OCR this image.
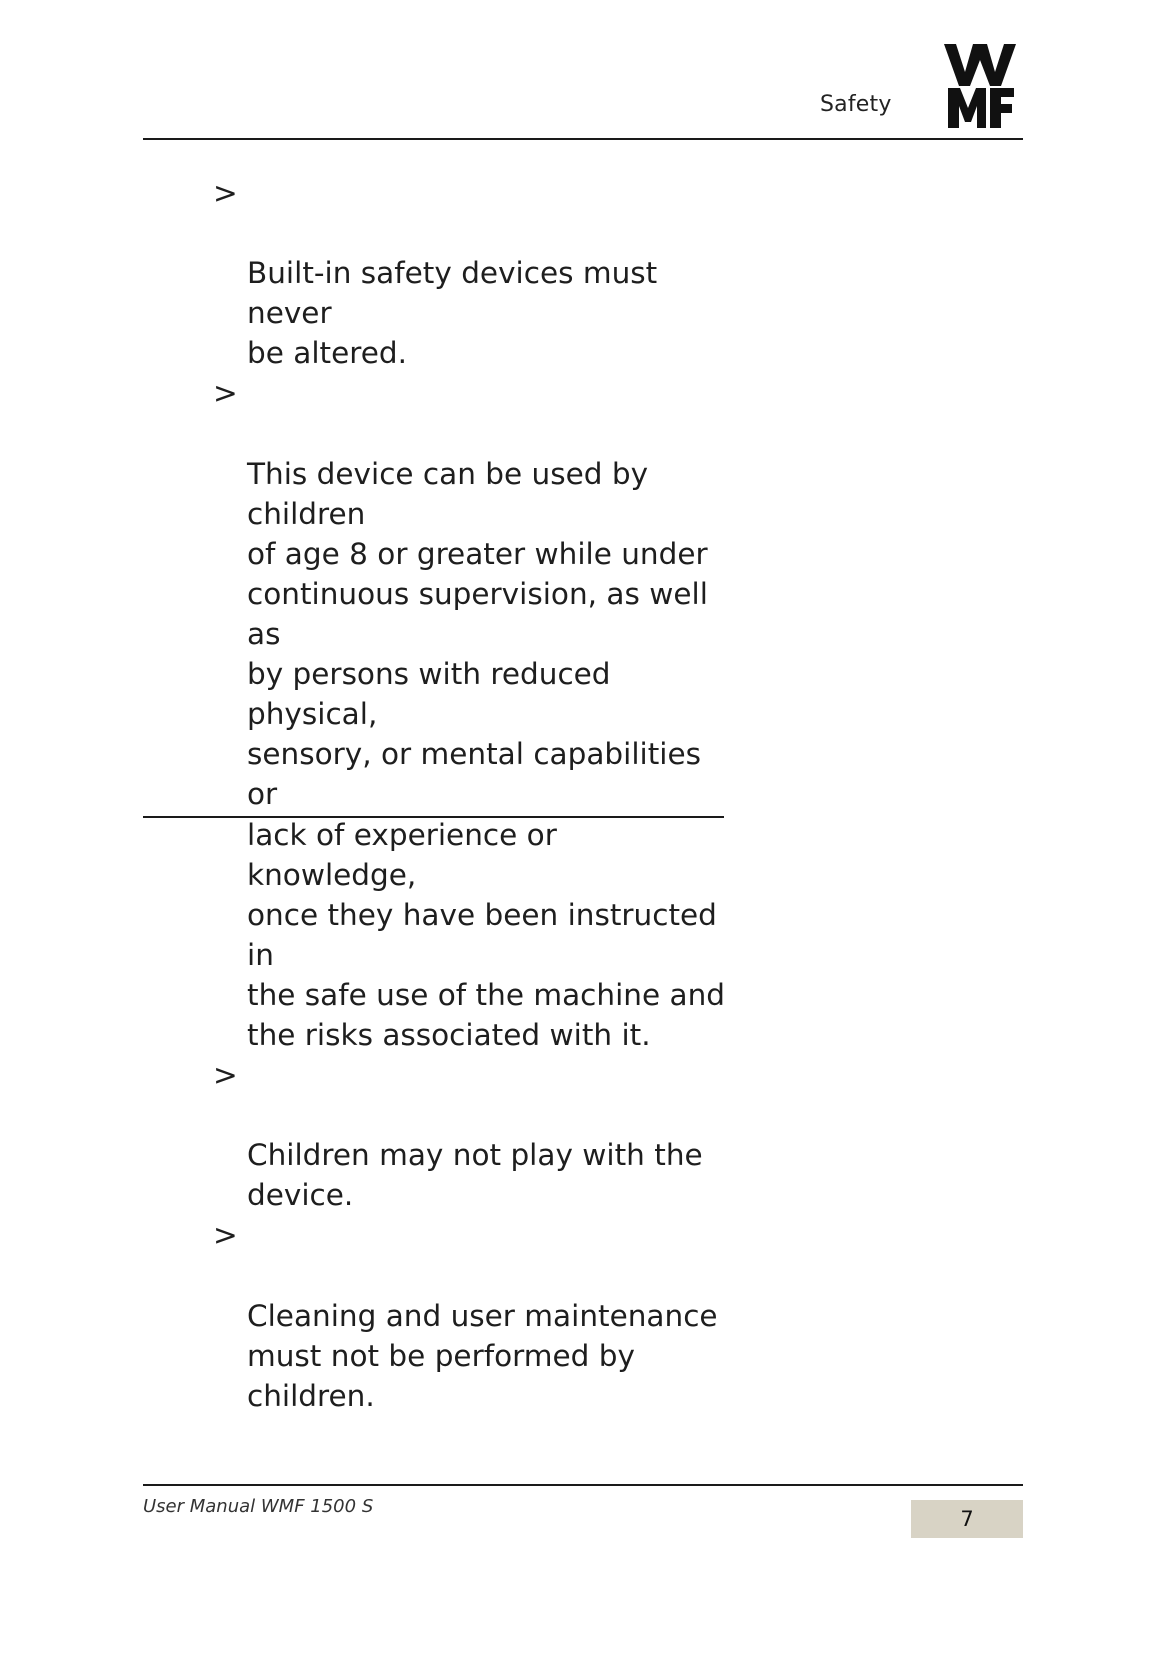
Safety

>

Built-in safety devices must never
be altered.

>

This device can be used by children
of age 8 or greater while under
continuous supervision, as well as
by persons with reduced physical,
sensory, or mental capabilities or
lack of experience or knowledge,
once they have been instructed in
the safe use of the machine and
the risks associated with it.

>

Children may not play with the
device.

>

Cleaning and user maintenance
must not be performed by
children.

User Manual WMF 1500 S
7
